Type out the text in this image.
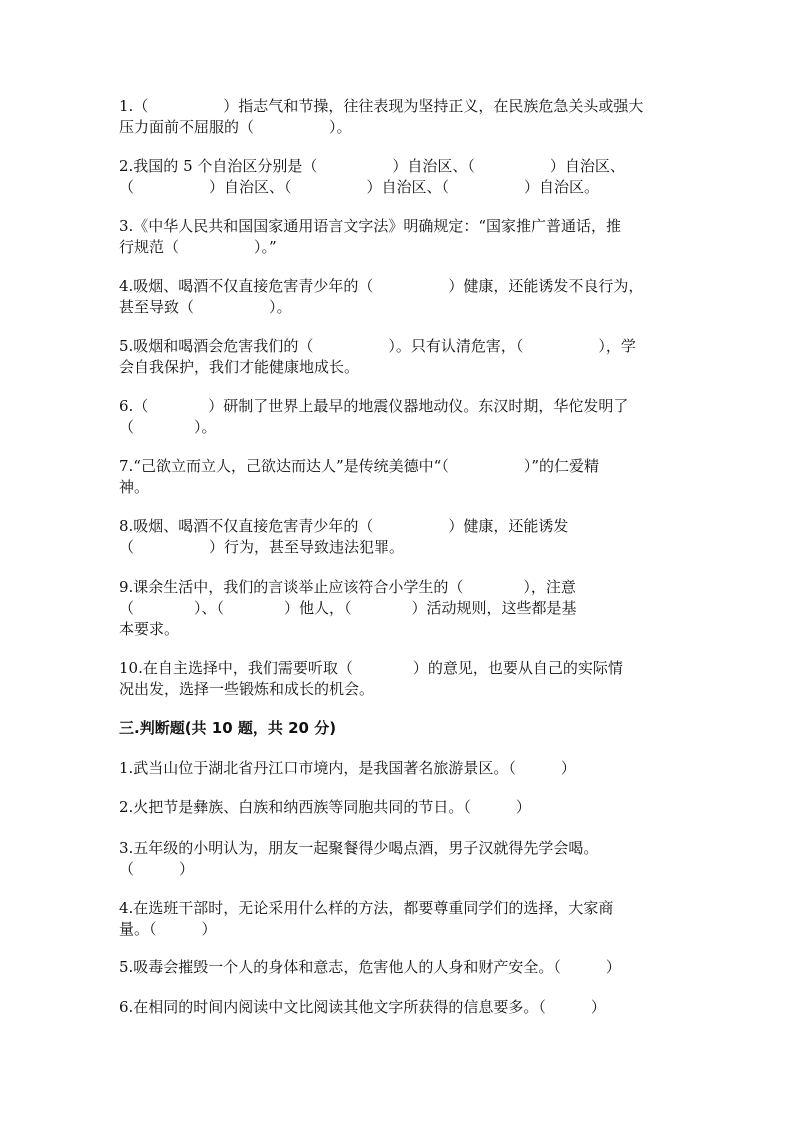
1.（　　　　　）指志气和节操，往往表现为坚持正义，在民族危急关头或强大
压力面前不屈服的（　　　　　）。

2.我国的 5 个自治区分别是（　　　　　）自治区、（　　　　　）自治区、
（　　　　　）自治区、（　　　　　）自治区、（　　　　　）自治区。

3.《中华人民共和国国家通用语言文字法》明确规定：“国家推广普通话，推
行规范（　　　　　）。”

4.吸烟、喝酒不仅直接危害青少年的（　　　　　）健康，还能诱发不良行为，
甚至导致（　　　　　）。

5.吸烟和喝酒会危害我们的（　　　　　）。只有认清危害，（　　　　　），学
会自我保护，我们才能健康地成长。

6.（　　　　）研制了世界上最早的地震仪器地动仪。东汉时期，华佗发明了
（　　　　）。

7.“己欲立而立人，己欲达而达人”是传统美德中“（　　　　　）”的仁爱精
神。

8.吸烟、喝酒不仅直接危害青少年的（　　　　　）健康，还能诱发
（　　　　　）行为，甚至导致违法犯罪。

9.课余生活中，我们的言谈举止应该符合小学生的（　　　　），注意
（　　　　）、（　　　　）他人，（　　　　）活动规则，这些都是基
本要求。

10.在自主选择中，我们需要听取（　　　　）的意见，也要从自己的实际情
况出发，选择一些锻炼和成长的机会。

三.判断题(共 10 题，共 20 分)

1.武当山位于湖北省丹江口市境内，是我国著名旅游景区。（　　　）

2.火把节是彝族、白族和纳西族等同胞共同的节日。（　　　）

3.五年级的小明认为，朋友一起聚餐得少喝点酒，男子汉就得先学会喝。
（　　　）

4.在选班干部时，无论采用什么样的方法，都要尊重同学们的选择，大家商
量。（　　　）

5.吸毒会摧毁一个人的身体和意志，危害他人的人身和财产安全。（　　　）

6.在相同的时间内阅读中文比阅读其他文字所获得的信息要多。（　　　）
